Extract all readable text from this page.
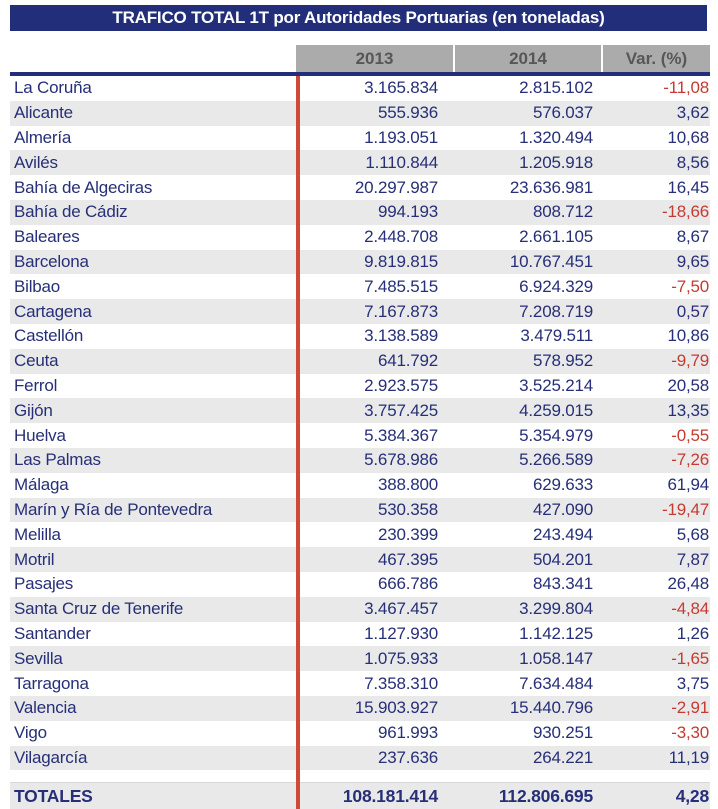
TRAFICO TOTAL 1T por Autoridades Portuarias (en toneladas)
2013	2014	Var. (%)
La Coruña	3.165.834	2.815.102	-11,08
Alicante	555.936	576.037	3,62
Almería	1.193.051	1.320.494	10,68
Avilés	1.110.844	1.205.918	8,56
Bahía de Algeciras	20.297.987	23.636.981	16,45
Bahía de Cádiz	994.193	808.712	-18,66
Baleares	2.448.708	2.661.105	8,67
Barcelona	9.819.815	10.767.451	9,65
Bilbao	7.485.515	6.924.329	-7,50
Cartagena	7.167.873	7.208.719	0,57
Castellón	3.138.589	3.479.511	10,86
Ceuta	641.792	578.952	-9,79
Ferrol	2.923.575	3.525.214	20,58
Gijón	3.757.425	4.259.015	13,35
Huelva	5.384.367	5.354.979	-0,55
Las Palmas	5.678.986	5.266.589	-7,26
Málaga	388.800	629.633	61,94
Marín y Ría de Pontevedra	530.358	427.090	-19,47
Melilla	230.399	243.494	5,68
Motril	467.395	504.201	7,87
Pasajes	666.786	843.341	26,48
Santa Cruz de Tenerife	3.467.457	3.299.804	-4,84
Santander	1.127.930	1.142.125	1,26
Sevilla	1.075.933	1.058.147	-1,65
Tarragona	7.358.310	7.634.484	3,75
Valencia	15.903.927	15.440.796	-2,91
Vigo	961.993	930.251	-3,30
Vilagarcía	237.636	264.221	11,19
TOTALES	108.181.414	112.806.695	4,28
